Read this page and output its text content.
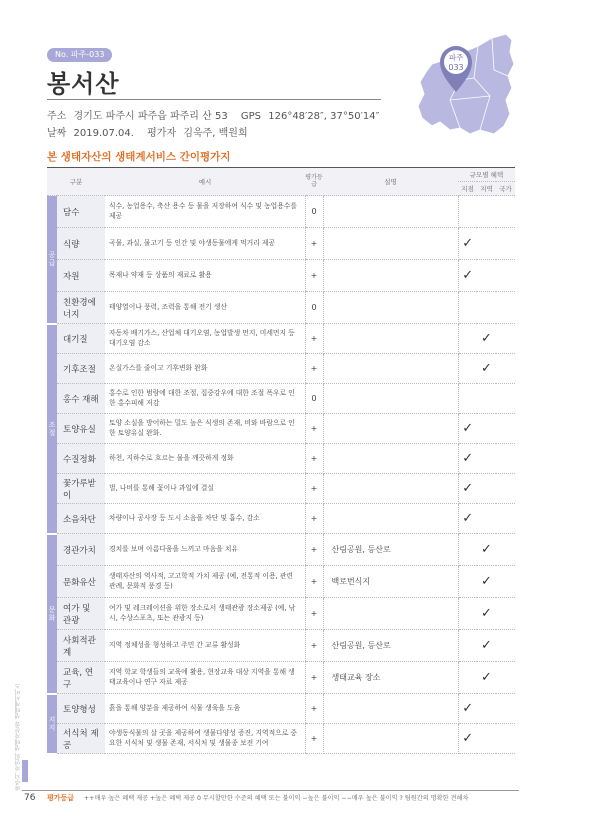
No. 파주-033
봉서산
주소 경기도 파주시 파주읍 파주리 산 53 GPS 126°48′28″, 37°50′14″
날짜 2019.07.04. 평가자 김욱주, 백원희
파주
033
본 생태자산의 생태계서비스 간이평가지
구분		예시	평가등급	설명	규모별 혜택		
					지점	지역	국가
공급	담수	식수, 농업용수, 축산 용수 등 물을 저장하여 식수 및 농업용수를 제공	0				
	식량	곡물, 과실, 물고기 등 인간 및 야생동물에게 먹거리 제공	+		✓		
	자원	목재나 약재 등 상품의 재료로 활용	+		✓		
	친환경에너지	태양열이나 풍력, 조력을 통해 전기 생산	0				
조절	대기질	자동차 배기가스, 산업체 대기오염, 농업발생 먼지, 미세먼지 등 대기오염 감소	+			✓	
	기후조절	온실가스를 줄이고 기후변화 완화	+			✓	
	홍수 재해	홍수로 인한 범람에 대한 조절, 집중강우에 대한 조절 폭우로 인한 홍수피해 저감	0				
	토양유실	토양 소실을 방어하는 밀도 높은 식생의 존재, 비와 바람으로 인한 토양유실 완화.	+		✓		
	수질정화	하천, 지하수로 흐르는 물을 깨끗하게 정화	+		✓		
	꽃가루받이	벌, 나비를 통해 꽃이나 과일에 결실	+		✓		
	소음차단	차량이나 공사장 등 도시 소음을 차단 및 흡수, 감소	+		✓		
문화	경관가치	경치를 보며 아름다움을 느끼고 마음을 치유	+	산림공원, 등산로		✓	
	문화유산	생태자산의 역사적, 고고학적 가치 제공 (예, 전통적 이용, 관련 관례, 문화적 풍경 등)	+	백로번식지		✓	
	여가 및 관광	여가 및 레크레이션을 위한 장소로서 생태관광 장소제공 (예, 낚시, 수상스포츠, 또는 관광지 등)	+			✓	
	사회적관계	지역 정체성을 형성하고 주민 간 교류 활성화	+	산림공원, 등산로		✓	
	교육, 연구	지역 학교 학생들의 교육에 활용, 현장교육 대상 지역을 통해 생태교육이나 연구 자료 제공	+	생태교육 장소		✓	
지지	토양형성	흙을 통해 양분을 제공하여 식물 생육을 도움	+		✓		
	서식처 제공	야생동식물의 살 곳을 제공하여 생물다양성 증진, 지역적으로 중요한 서식처 및 생물 존재, 서식처 및 생물종 보전 기여	+		✓		
파주시 자연의 생태자산과 생태계서비스
76 평가등급 ++매우 높은 혜택 제공 +높은 혜택 제공 0 무시할만한 수준의 혜택 또는 불이익 −높은 불이익 −−매우 높은 불이익 ? 팀원간의 명확한 견해차
